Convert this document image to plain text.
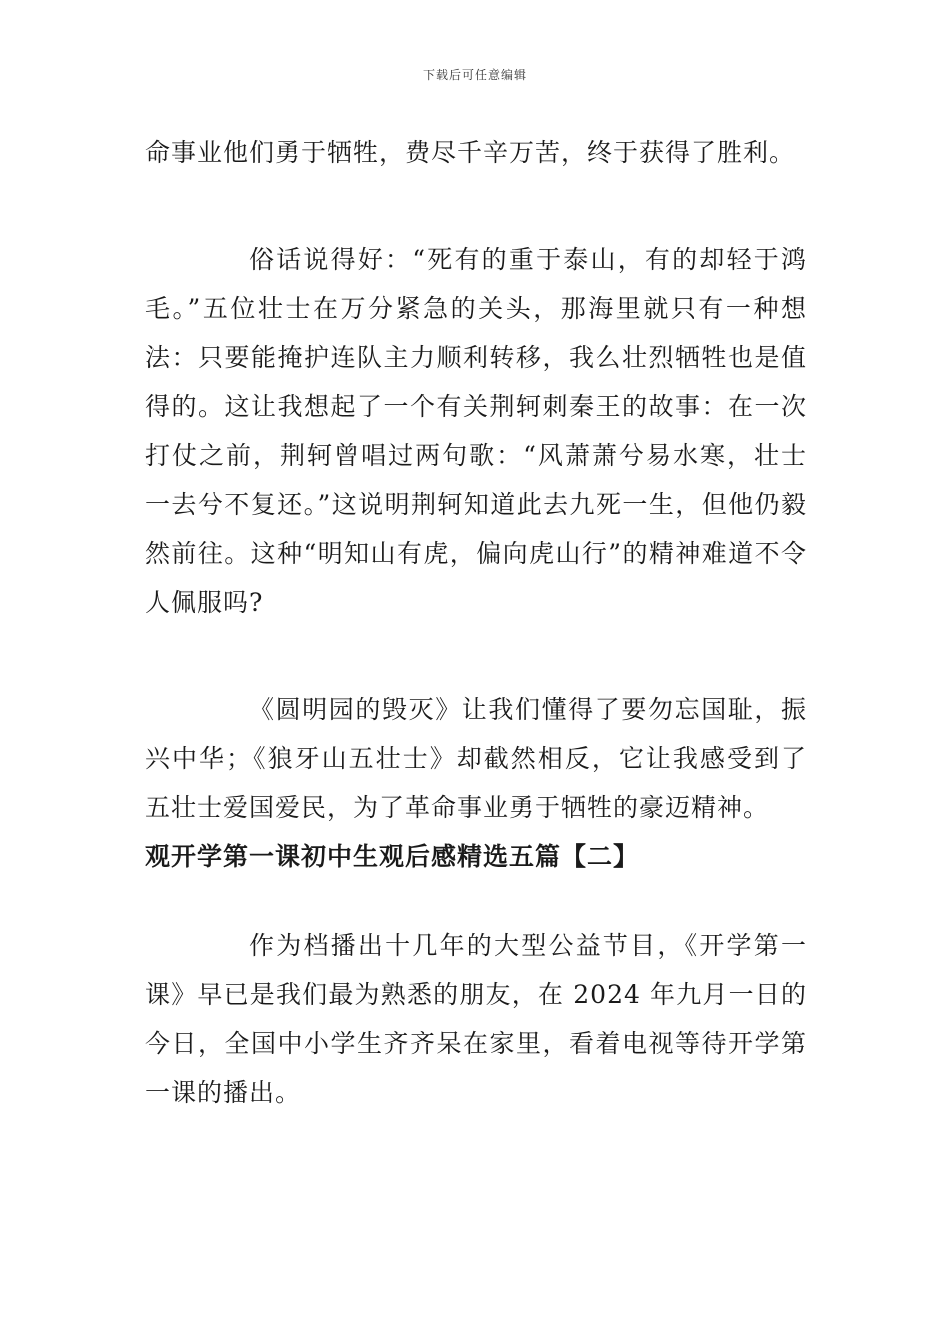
下载后可任意编辑

命事业他们勇于牺牲，费尽千辛万苦，终于获得了胜利。

俗话说得好：“死有的重于泰山，有的却轻于鸿毛。”五位壮士在万分紧急的关头，那海里就只有一种想法：只要能掩护连队主力顺利转移，我么壮烈牺牲也是值得的。这让我想起了一个有关荆轲刺秦王的故事：在一次打仗之前，荆轲曾唱过两句歌：“风萧萧兮易水寒，壮士一去兮不复还。”这说明荆轲知道此去九死一生，但他仍毅然前往。这种“明知山有虎，偏向虎山行”的精神难道不令人佩服吗?

《圆明园的毁灭》让我们懂得了要勿忘国耻，振兴中华；《狼牙山五壮士》却截然相反，它让我感受到了五壮士爱国爱民，为了革命事业勇于牺牲的豪迈精神。

观开学第一课初中生观后感精选五篇【二】

作为档播出十几年的大型公益节目，《开学第一课》早已是我们最为熟悉的朋友，在 2024 年九月一日的今日，全国中小学生齐齐呆在家里，看着电视等待开学第一课的播出。
